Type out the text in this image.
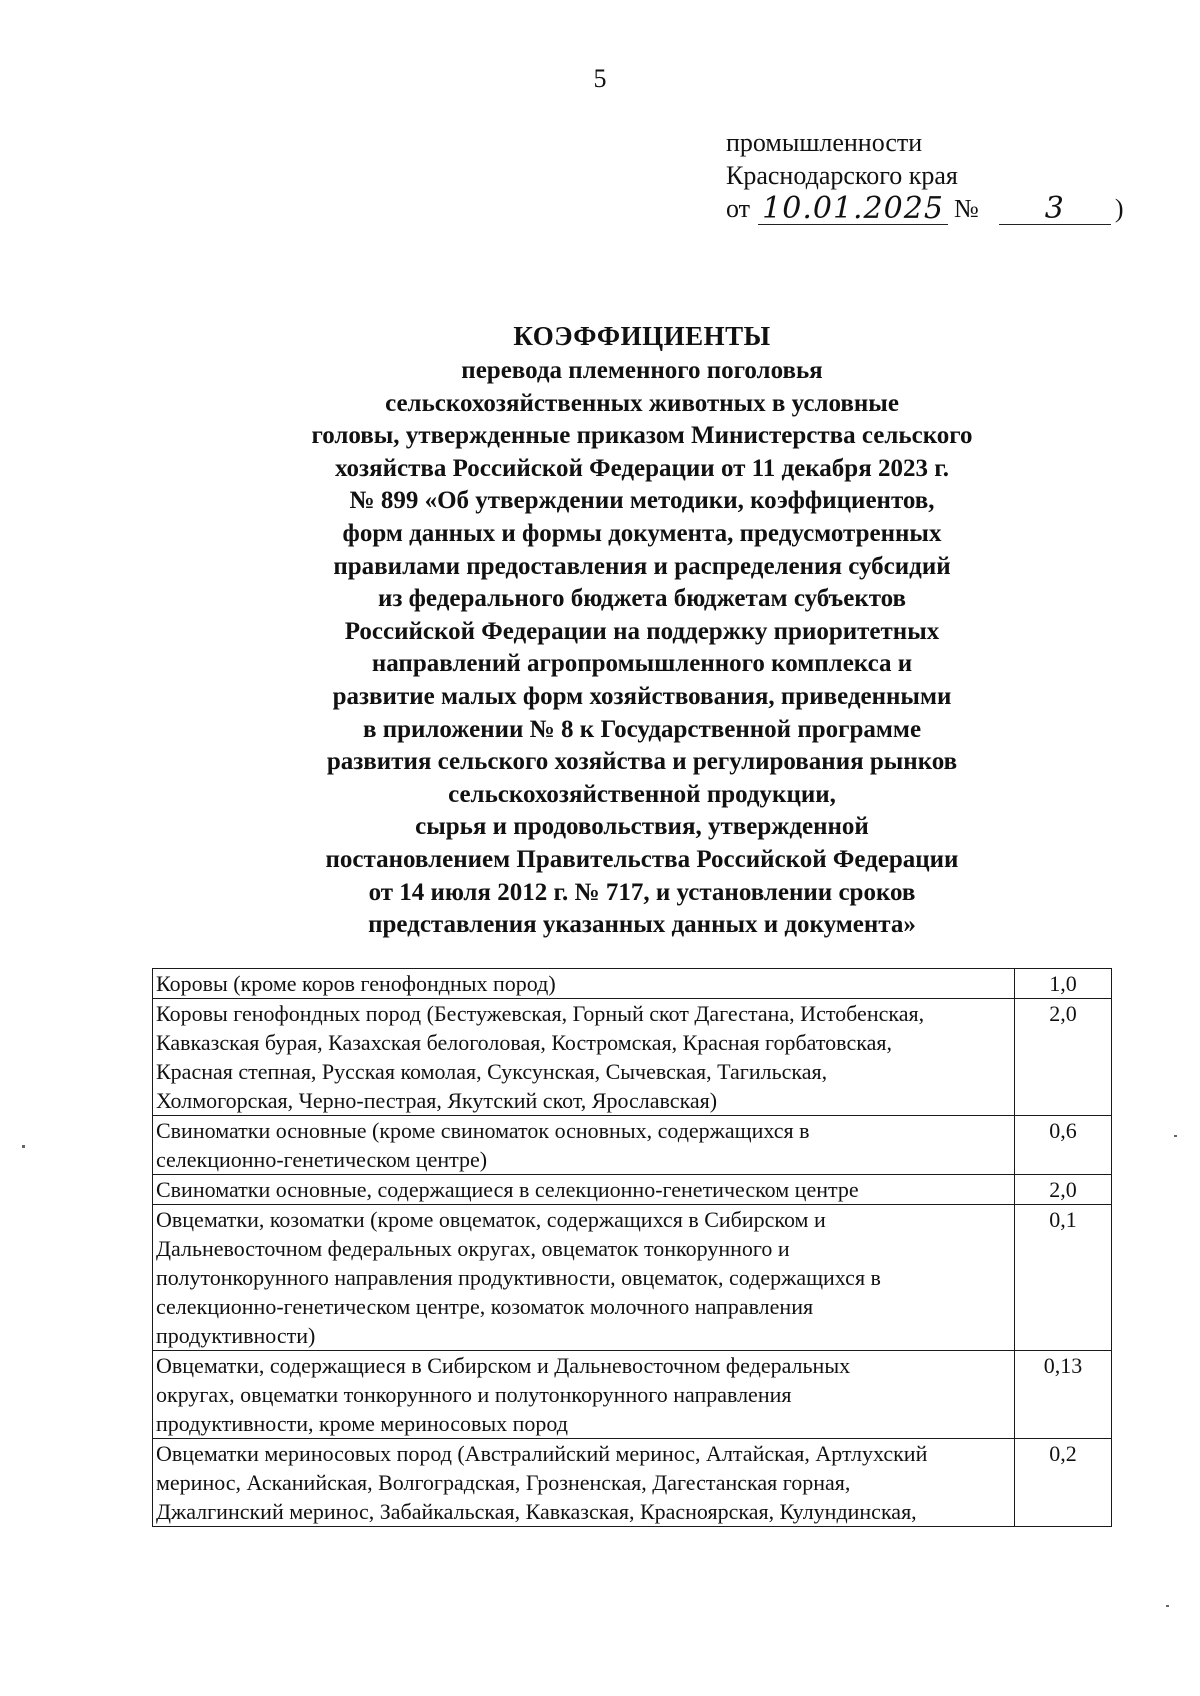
5
промышленности
Краснодарского края
от 10.01.2025 №	3	)
КОЭФФИЦИЕНТЫ
перевода племенного поголовья
сельскохозяйственных животных в условные
головы, утвержденные приказом Министерства сельского
хозяйства Российской Федерации от 11 декабря 2023 г.
№ 899 «Об утверждении методики, коэффициентов,
форм данных и формы документа, предусмотренных
правилами предоставления и распределения субсидий
из федерального бюджета бюджетам субъектов
Российской Федерации на поддержку приоритетных
направлений агропромышленного комплекса и
развитие малых форм хозяйствования, приведенными
в приложении № 8 к Государственной программе
развития сельского хозяйства и регулирования рынков
сельскохозяйственной продукции,
сырья и продовольствия, утвержденной
постановлением Правительства Российской Федерации
от 14 июля 2012 г. № 717, и установлении сроков
представления указанных данных и документа»
Коровы (кроме коров генофондных пород)	1,0

Коровы генофондных пород (Бестужевская, Горный скот Дагестана, Истобенская,
Кавказская бурая, Казахская белоголовая, Костромская, Красная горбатовская,
Красная степная, Русская комолая, Суксунская, Сычевская, Тагильская,
Холмогорская, Черно-пестрая, Якутский скот, Ярославская)	2,0

Свиноматки основные (кроме свиноматок основных, содержащихся в
селекционно-генетическом центре)	0,6

Свиноматки основные, содержащиеся в селекционно-генетическом центре	2,0

Овцематки, козоматки (кроме овцематок, содержащихся в Сибирском и
Дальневосточном федеральных округах, овцематок тонкорунного и
полутонкорунного направления продуктивности, овцематок, содержащихся в
селекционно-генетическом центре, козоматок молочного направления
продуктивности)	0,1

Овцематки, содержащиеся в Сибирском и Дальневосточном федеральных
округах, овцематки тонкорунного и полутонкорунного направления
продуктивности, кроме мериносовых пород	0,13

Овцематки мериносовых пород (Австралийский меринос, Алтайская, Артлухский
меринос, Асканийская, Волгоградская, Грозненская, Дагестанская горная,
Джалгинский меринос, Забайкальская, Кавказская, Красноярская, Кулундинская,	0,2
